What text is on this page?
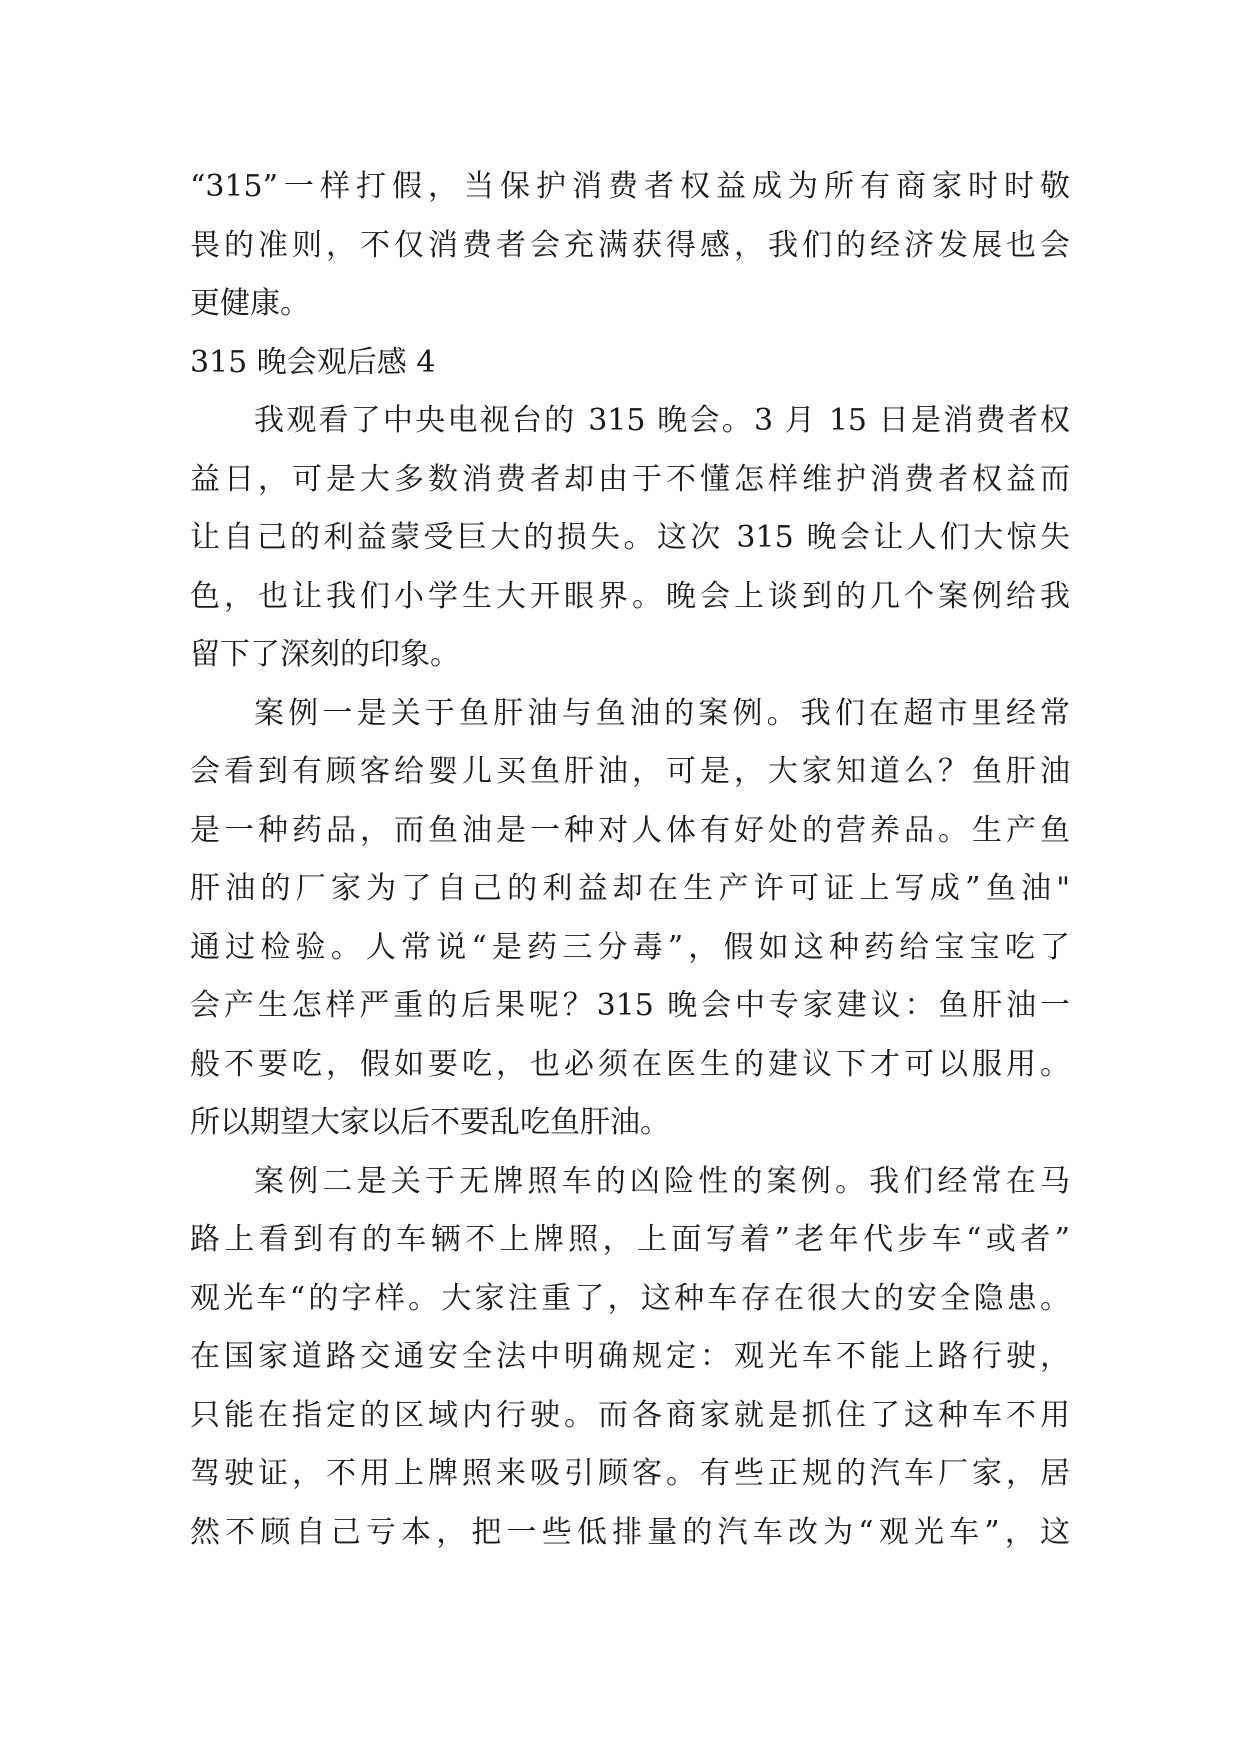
“315”一样打假，当保护消费者权益成为所有商家时时敬
畏的准则，不仅消费者会充满获得感，我们的经济发展也会
更健康。
315 晚会观后感 4
我观看了中央电视台的 315 晚会。3 月 15 日是消费者权
益日，可是大多数消费者却由于不懂怎样维护消费者权益而
让自己的利益蒙受巨大的损失。这次 315 晚会让人们大惊失
色，也让我们小学生大开眼界。晚会上谈到的几个案例给我
留下了深刻的印象。
案例一是关于鱼肝油与鱼油的案例。我们在超市里经常
会看到有顾客给婴儿买鱼肝油，可是，大家知道么？鱼肝油
是一种药品，而鱼油是一种对人体有好处的营养品。生产鱼
肝油的厂家为了自己的利益却在生产许可证上写成”鱼油"
通过检验。人常说“是药三分毒”，假如这种药给宝宝吃了
会产生怎样严重的后果呢？315 晚会中专家建议：鱼肝油一
般不要吃，假如要吃，也必须在医生的建议下才可以服用。
所以期望大家以后不要乱吃鱼肝油。
案例二是关于无牌照车的凶险性的案例。我们经常在马
路上看到有的车辆不上牌照，上面写着”老年代步车“或者”
观光车“的字样。大家注重了，这种车存在很大的安全隐患。
在国家道路交通安全法中明确规定：观光车不能上路行驶，
只能在指定的区域内行驶。而各商家就是抓住了这种车不用
驾驶证，不用上牌照来吸引顾客。有些正规的汽车厂家，居
然不顾自己亏本，把一些低排量的汽车改为“观光车”，这
